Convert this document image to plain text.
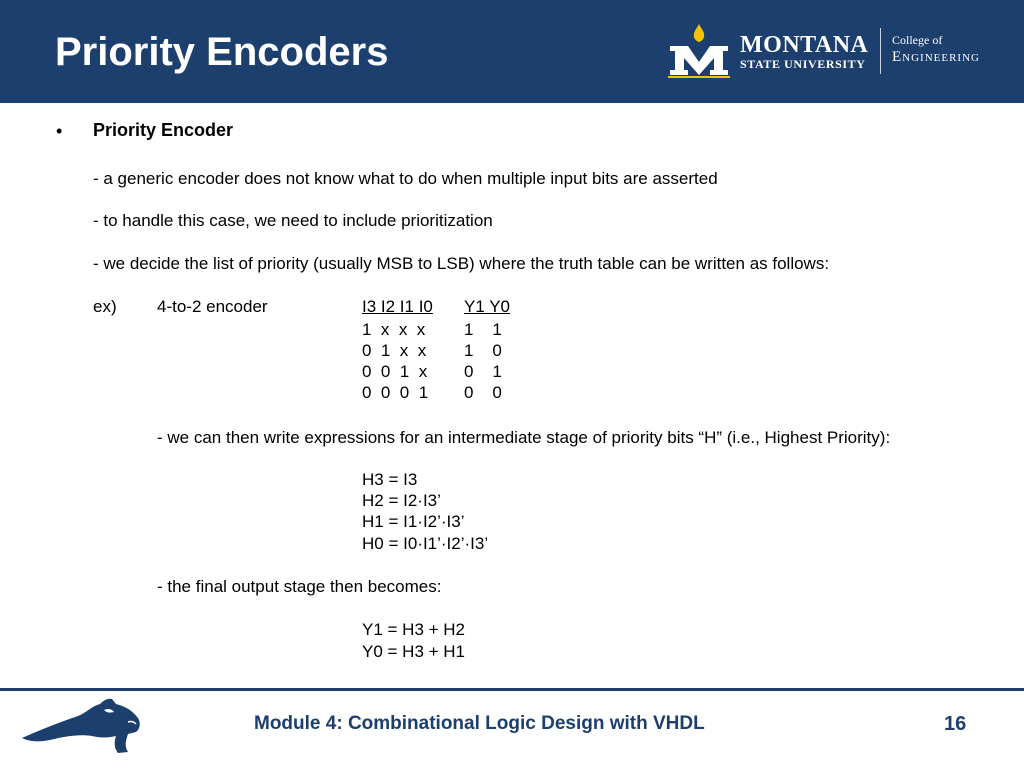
Priority Encoders	MONTANA
STATE UNIVERSITY
College of
Engineering
• Priority Encoder
- a generic encoder does not know what to do when multiple input bits are asserted
- to handle this case, we need to include prioritization
- we decide the list of priority (usually MSB to LSB) where the truth table can be written as follows:
ex) 4-to-2 encoder	I3 I2 I1 I0 Y1 Y0
1  x  x  x 1    1
0  1  x  x 1    0
0  0  1  x 0    1
0  0  0  1 0    0
- we can then write expressions for an intermediate stage of priority bits “H” (i.e., Highest Priority):
H3 = I3
H2 = I2·I3’
H1 = I1·I2’·I3’
H0 = I0·I1’·I2’·I3’
- the final output stage then becomes:
Y1 = H3 + H2
Y0 = H3 + H1
Module 4: Combinational Logic Design with VHDL	16
